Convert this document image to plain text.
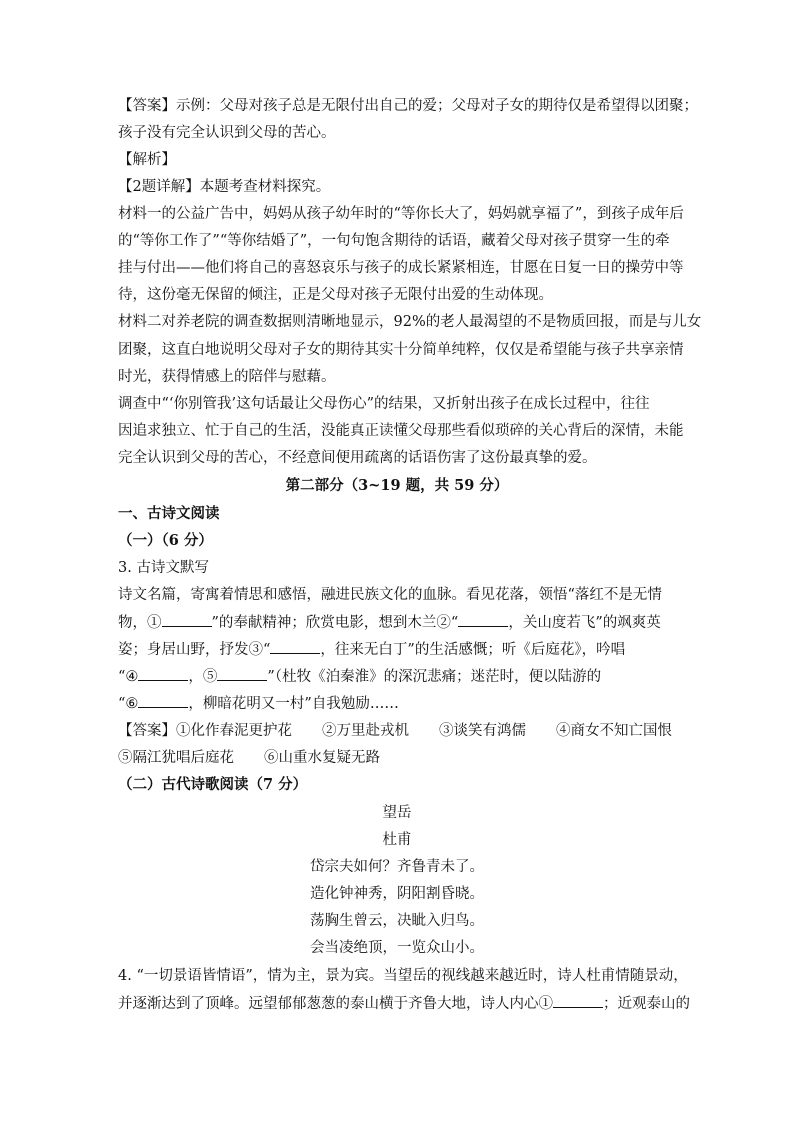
【答案】示例：父母对孩子总是无限付出自己的爱；父母对子女的期待仅是希望得以团聚；
孩子没有完全认识到父母的苦心。
【解析】
【2题详解】本题考查材料探究。
材料一的公益广告中，妈妈从孩子幼年时的“等你长大了，妈妈就享福了”，到孩子成年后
的“等你工作了”“等你结婚了”，一句句饱含期待的话语，藏着父母对孩子贯穿一生的牵
挂与付出——他们将自己的喜怒哀乐与孩子的成长紧紧相连，甘愿在日复一日的操劳中等
待，这份毫无保留的倾注，正是父母对孩子无限付出爱的生动体现。
材料二对养老院的调查数据则清晰地显示，92%的老人最渴望的不是物质回报，而是与儿女
团聚，这直白地说明父母对子女的期待其实十分简单纯粹，仅仅是希望能与孩子共享亲情
时光，获得情感上的陪伴与慰藉。
调查中“‘你别管我’这句话最让父母伤心”的结果，又折射出孩子在成长过程中，往往
因追求独立、忙于自己的生活，没能真正读懂父母那些看似琐碎的关心背后的深情，未能
完全认识到父母的苦心，不经意间便用疏离的话语伤害了这份最真挚的爱。
第二部分（3~19 题，共 59 分）
一、古诗文阅读
（一）（6 分）
3. 古诗文默写
诗文名篇，寄寓着情思和感悟，融进民族文化的血脉。看见花落，领悟“落红不是无情
物，①	”的奉献精神；欣赏电影，想到木兰②“	，关山度若飞”的飒爽英
姿；身居山野，抒发③“	，往来无白丁”的生活感慨；听《后庭花》，吟唱
“④	，⑤	”（杜牧《泊秦淮》的深沉悲痛；迷茫时，便以陆游的
“⑥	，柳暗花明又一村”自我勉励……
【答案】①化作春泥更护花 ②万里赴戎机 ③谈笑有鸿儒 ④商女不知亡国恨
⑤隔江犹唱后庭花 ⑥山重水复疑无路
（二）古代诗歌阅读（7 分）
望岳
杜甫
岱宗夫如何？齐鲁青未了。
造化钟神秀，阴阳割昏晓。
荡胸生曾云，决眦入归鸟。
会当凌绝顶，一览众山小。
4. “一切景语皆情语”，情为主，景为宾。当望岳的视线越来越近时，诗人杜甫情随景动，
并逐渐达到了顶峰。远望郁郁葱葱的泰山横于齐鲁大地，诗人内心①	；近观泰山的
